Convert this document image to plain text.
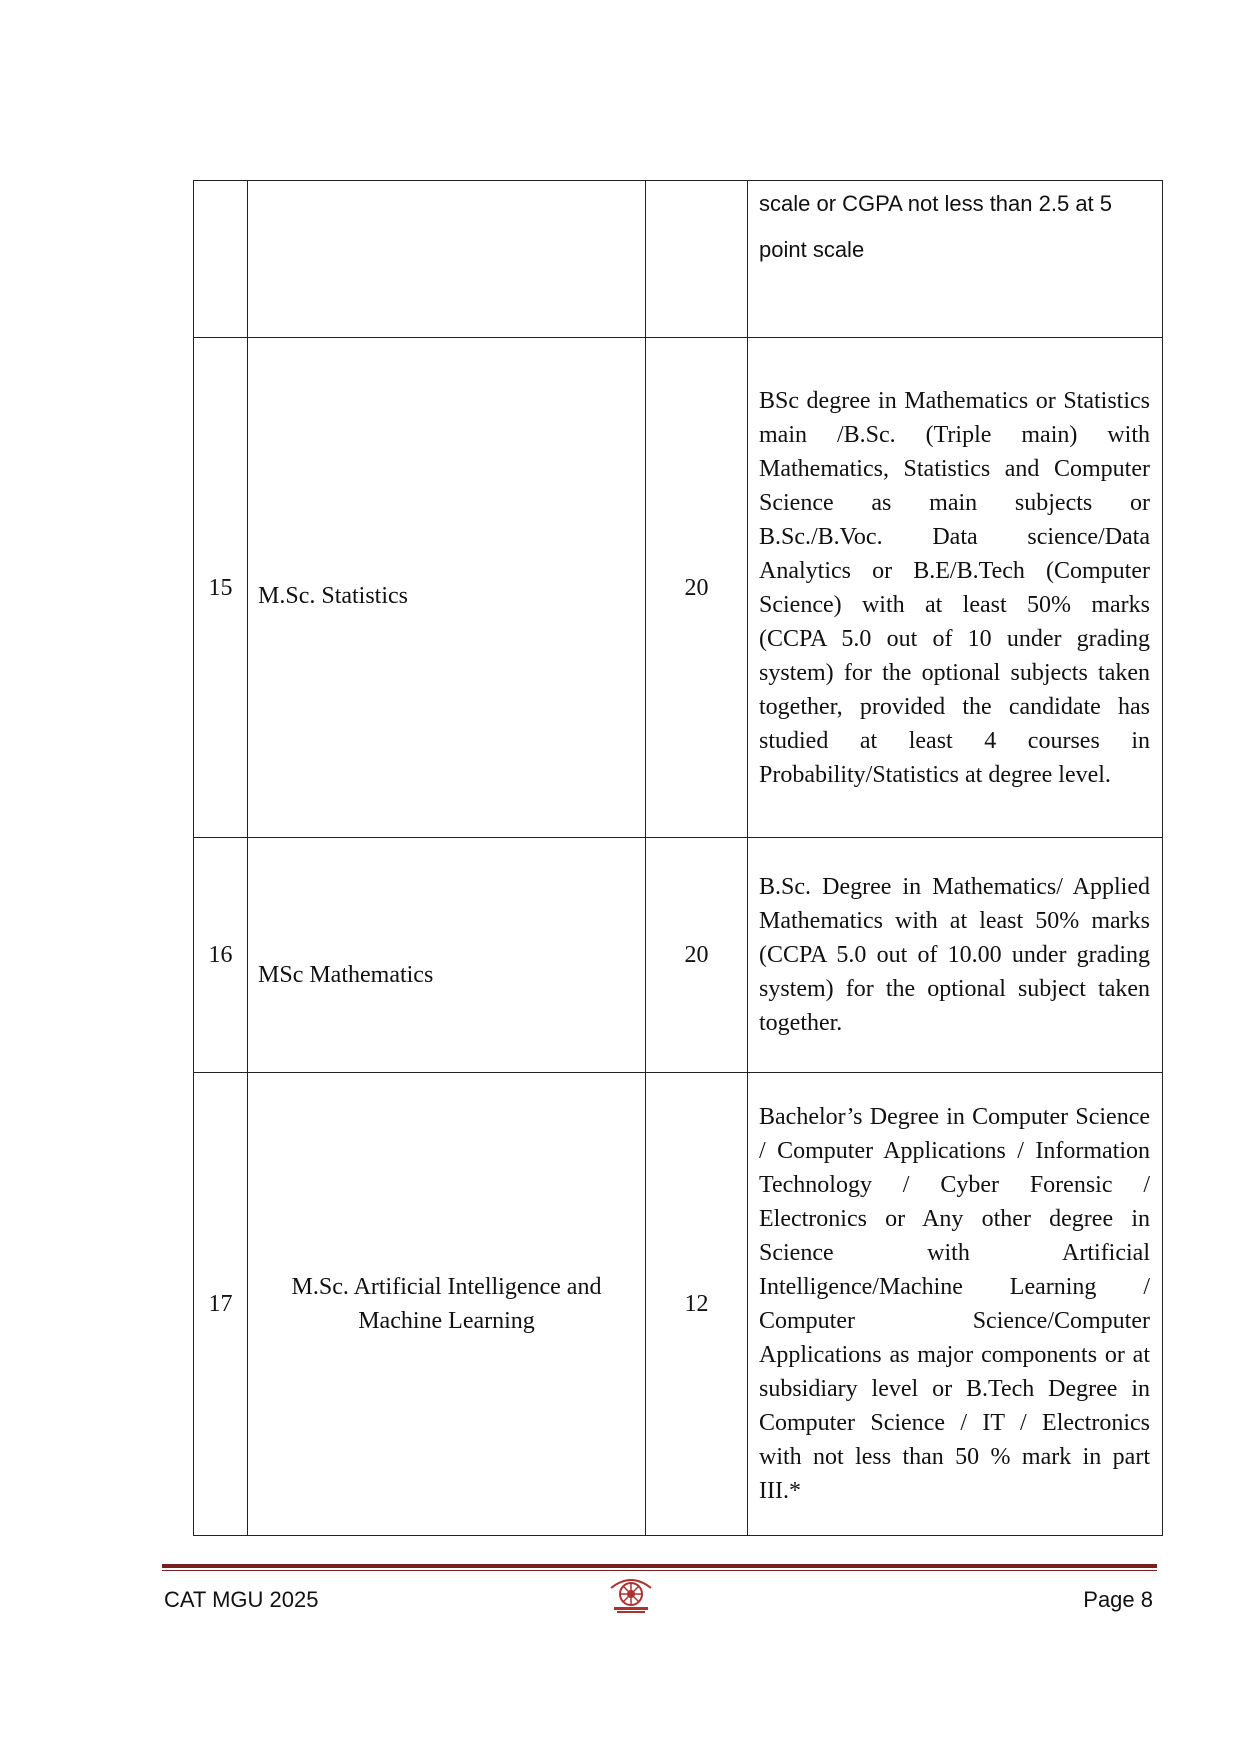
			scale or CGPA not less than 2.5 at 5 point scale
15	M.Sc. Statistics	20	BSc degree in Mathematics or Statistics main /B.Sc. (Triple main) with Mathematics, Statistics and Computer Science as main subjects or B.Sc./B.Voc. Data science/Data Analytics or B.E/B.Tech (Computer Science) with at least 50% marks (CCPA 5.0 out of 10 under grading system) for the optional subjects taken together, provided the candidate has studied at least 4 courses in Probability/Statistics at degree level.
16	MSc Mathematics	20	B.Sc. Degree in Mathematics/ Applied Mathematics with at least 50% marks (CCPA 5.0 out of 10.00 under grading system) for the optional subject taken together.
17	M.Sc. Artificial Intelligence and Machine Learning	12	Bachelor’s Degree in Computer Science / Computer Applications / Information Technology / Cyber Forensic / Electronics or Any other degree in Science with Artificial Intelligence/Machine Learning / Computer Science/Computer Applications as major components or at subsidiary level or B.Tech Degree in Computer Science / IT / Electronics with not less than 50 % mark in part III.*
CAT MGU 2025	Page 8
